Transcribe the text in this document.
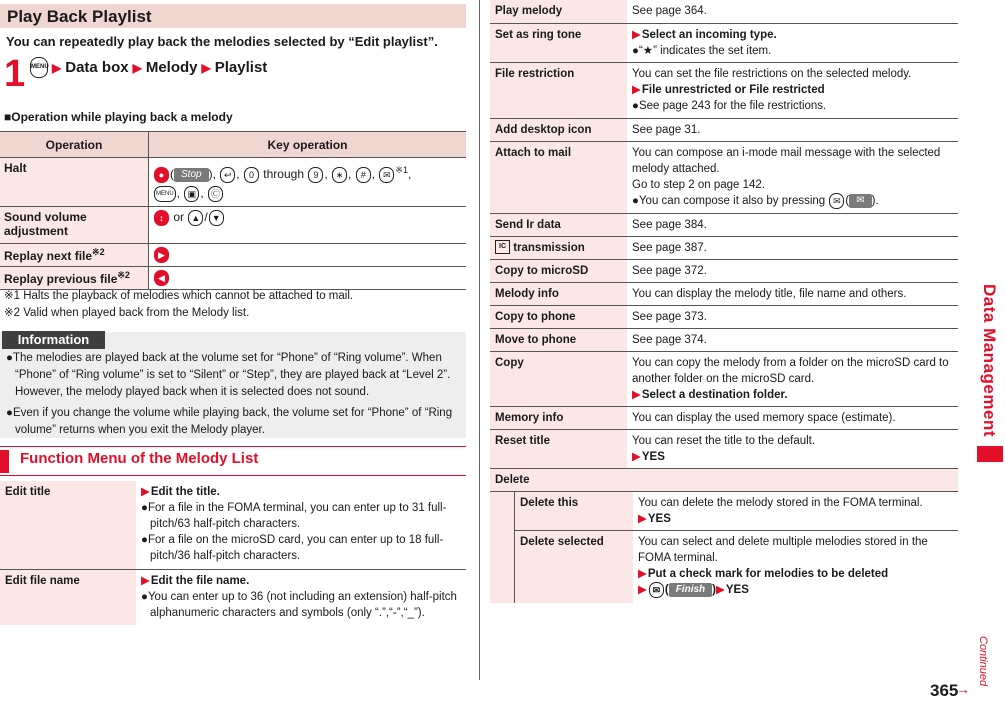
Play Back Playlist
You can repeatedly play back the melodies selected by “Edit playlist”.
1 MENU ▶ Data box ▶ Melody ▶ Playlist
■Operation while playing back a melody
Operation	Key operation
Halt	● ( Stop ), ↩ , 0 through 9 , ∗ , # , ✉ $^{※1}$,
MENU , ▣ , Ⓒ
Sound volume adjustment	↕ or ▲ / ▼
Replay next file$^{※2}$	▶
Replay previous file$^{※2}$	◀
※1 Halts the playback of melodies which cannot be attached to mail.
※2 Valid when played back from the Melody list.
Information
●The melodies are played back at the volume set for “Phone” of “Ring volume”. When “Phone” of “Ring volume” is set to “Silent” or “Step”, they are played back at “Level 2”. However, the melody played back when it is selected does not sound.
●Even if you change the volume while playing back, the volume set for “Phone” of “Ring volume” returns when you exit the Melody player.
Function Menu of the Melody List
Edit title	▶Edit the title.
●For a file in the FOMA terminal, you can enter up to 31 full-pitch/63 half-pitch characters.
●For a file on the microSD card, you can enter up to 18 full-pitch/36 half-pitch characters.

Edit file name	▶Edit the file name.
●You can enter up to 36 (not including an extension) half-pitch alphanumeric characters and symbols (only “.”,“-”,“_”).
Play melody	See page 364.
Set as ring tone	▶Select an incoming type.
●“★” indicates the set item.

File restriction	You can set the file restrictions on the selected melody.
▶File unrestricted or File restricted
●See page 243 for the file restrictions.

Add desktop icon	See page 31.
Attach to mail	You can compose an i-mode mail message with the selected melody attached.
Go to step 2 on page 142.
●You can compose it also by pressing ✉ ( ✉ ).

Send Ir data	See page 384.
IC transmission	See page 387.
Copy to microSD	See page 372.
Melody info	You can display the melody title, file name and others.
Copy to phone	See page 373.
Move to phone	See page 374.
Copy	You can copy the melody from a folder on the microSD card to another folder on the microSD card.
▶Select a destination folder.

Memory info	You can display the used memory space (estimate).
Reset title	You can reset the title to the default.
▶YES

Delete

	Delete this	You can delete the melody stored in the FOMA terminal.
▶YES

Delete selected	You can select and delete multiple melodies stored in the FOMA terminal.
▶Put a check mark for melodies to be deleted
▶ ✉ ( Finish )▶YES
Data Management
Continued
365
→
